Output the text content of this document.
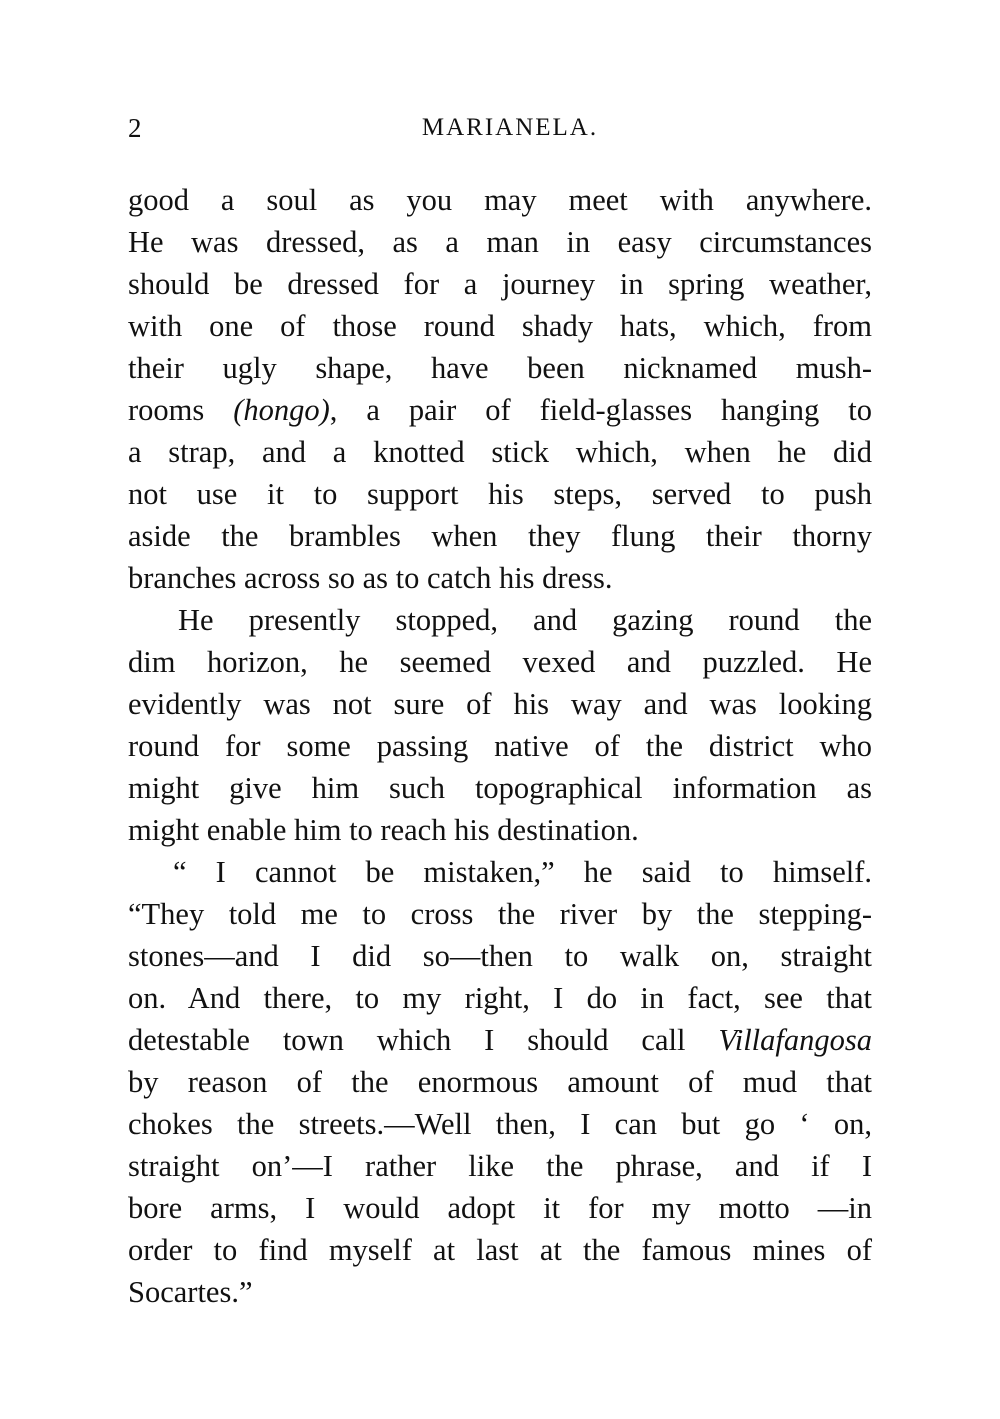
2	MARIANELA.
good a soul as you may meet with anywhere.
He was dressed, as a man in easy circumstances
should be dressed for a journey in spring weather,
with one of those round shady hats, which, from
their ugly shape, have been nicknamed mush-
rooms (hongo), a pair of field-glasses hanging to
a strap, and a knotted stick which, when he did
not use it to support his steps, served to push
aside the brambles when they flung their thorny
branches across so as to catch his dress.
He presently stopped, and gazing round the
dim horizon, he seemed vexed and puzzled. He
evidently was not sure of his way and was looking
round for some passing native of the district who
might give him such topographical information as
might enable him to reach his destination.
“ I cannot be mistaken,” he said to himself.
“They told me to cross the river by the stepping-
stones—and I did so—then to walk on, straight
on. And there, to my right, I do in fact, see that
detestable town which I should call Villafangosa
by reason of the enormous amount of mud that
chokes the streets.—Well then, I can but go ‘ on,
straight on’—I rather like the phrase, and if I
bore arms, I would adopt it for my motto —in
order to find myself at last at the famous mines of
Socartes.”
